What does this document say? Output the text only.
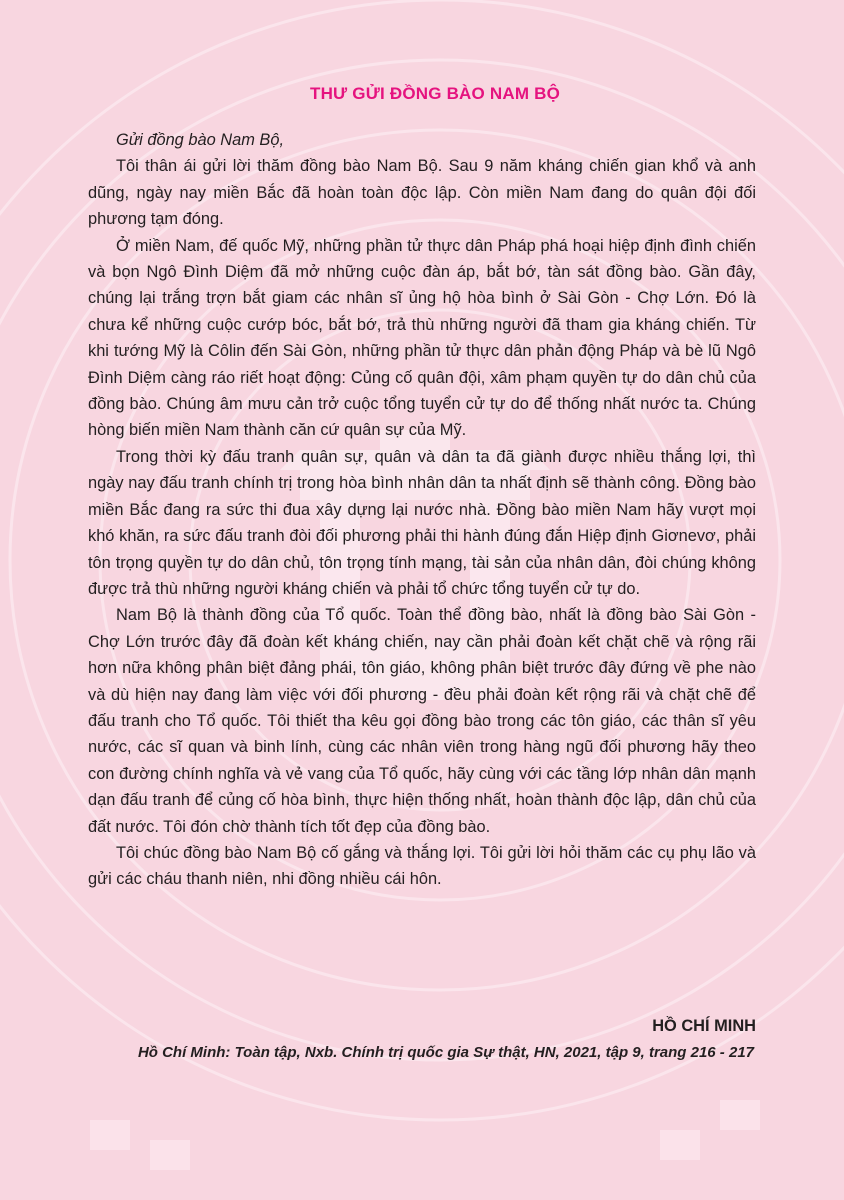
THƯ GỬI ĐỒNG BÀO NAM BỘ

Gửi đồng bào Nam Bộ,

Tôi thân ái gửi lời thăm đồng bào Nam Bộ. Sau 9 năm kháng chiến gian khổ và anh dũng, ngày nay miền Bắc đã hoàn toàn độc lập. Còn miền Nam đang do quân đội đối phương tạm đóng.

Ở miền Nam, đế quốc Mỹ, những phần tử thực dân Pháp phá hoại hiệp định đình chiến và bọn Ngô Đình Diệm đã mở những cuộc đàn áp, bắt bớ, tàn sát đồng bào. Gần đây, chúng lại trắng trợn bắt giam các nhân sĩ ủng hộ hòa bình ở Sài Gòn - Chợ Lớn. Đó là chưa kể những cuộc cướp bóc, bắt bớ, trả thù những người đã tham gia kháng chiến. Từ khi tướng Mỹ là Côlin đến Sài Gòn, những phần tử thực dân phản động Pháp và bè lũ Ngô Đình Diệm càng ráo riết hoạt động: Củng cố quân đội, xâm phạm quyền tự do dân chủ của đồng bào. Chúng âm mưu cản trở cuộc tổng tuyển cử tự do để thống nhất nước ta. Chúng hòng biến miền Nam thành căn cứ quân sự của Mỹ.

Trong thời kỳ đấu tranh quân sự, quân và dân ta đã giành được nhiều thắng lợi, thì ngày nay đấu tranh chính trị trong hòa bình nhân dân ta nhất định sẽ thành công. Đồng bào miền Bắc đang ra sức thi đua xây dựng lại nước nhà. Đồng bào miền Nam hãy vượt mọi khó khăn, ra sức đấu tranh đòi đối phương phải thi hành đúng đắn Hiệp định Giơnevơ, phải tôn trọng quyền tự do dân chủ, tôn trọng tính mạng, tài sản của nhân dân, đòi chúng không được trả thù những người kháng chiến và phải tổ chức tổng tuyển cử tự do.

Nam Bộ là thành đồng của Tổ quốc. Toàn thể đồng bào, nhất là đồng bào Sài Gòn - Chợ Lớn trước đây đã đoàn kết kháng chiến, nay cần phải đoàn kết chặt chẽ và rộng rãi hơn nữa không phân biệt đảng phái, tôn giáo, không phân biệt trước đây đứng về phe nào và dù hiện nay đang làm việc với đối phương - đều phải đoàn kết rộng rãi và chặt chẽ để đấu tranh cho Tổ quốc. Tôi thiết tha kêu gọi đồng bào trong các tôn giáo, các thân sĩ yêu nước, các sĩ quan và binh lính, cùng các nhân viên trong hàng ngũ đối phương hãy theo con đường chính nghĩa và vẻ vang của Tổ quốc, hãy cùng với các tầng lớp nhân dân mạnh dạn đấu tranh để củng cố hòa bình, thực hiện thống nhất, hoàn thành độc lập, dân chủ của đất nước. Tôi đón chờ thành tích tốt đẹp của đồng bào.

Tôi chúc đồng bào Nam Bộ cố gắng và thắng lợi. Tôi gửi lời hỏi thăm các cụ phụ lão và gửi các cháu thanh niên, nhi đồng nhiều cái hôn.

HỒ CHÍ MINH
Hồ Chí Minh: Toàn tập, Nxb. Chính trị quốc gia Sự thật, HN, 2021, tập 9, trang 216 - 217
